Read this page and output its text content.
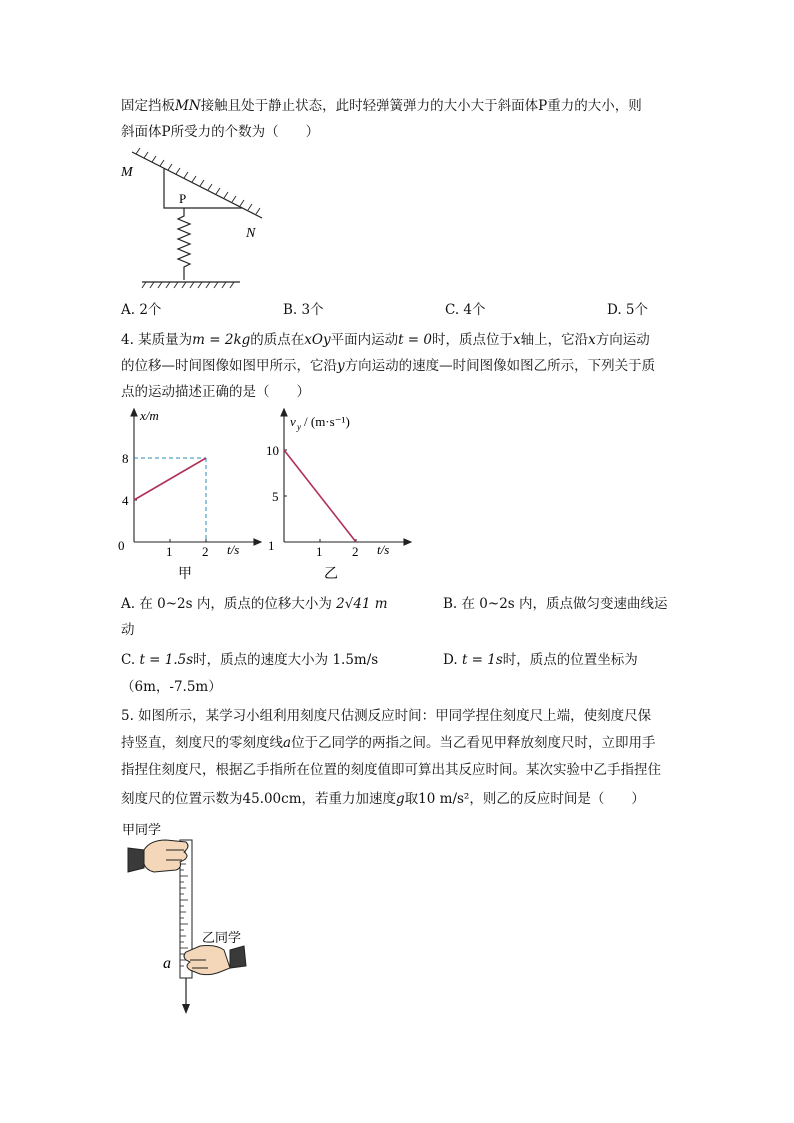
固定挡板MN接触且处于静止状态，此时轻弹簧弹力的大小大于斜面体P重力的大小，则
斜面体P所受力的个数为（　　）
M
N
P
A. 2个	B. 3个	C. 4个	D. 5个
4. 某质量为m = 2kg的质点在xOy平面内运动t = 0时，质点位于x轴上，它沿x方向运动
的位移—时间图像如图甲所示，它沿y方向运动的速度—时间图像如图乙所示，下列关于质
点的运动描述正确的是（　　）
1 2
0
4
8
x/m
t/s
甲
1 2
1
5
10
v y / (m·s⁻¹)
t/s
乙
A. 在 0~2s 内，质点的位移大小为 2√41 m	B. 在 0~2s 内，质点做匀变速曲线运
动
C. t = 1.5s时，质点的速度大小为 1.5m/s	D. t = 1s时，质点的位置坐标为
（6m，-7.5m）
5. 如图所示，某学习小组利用刻度尺估测反应时间：甲同学捏住刻度尺上端，使刻度尺保
持竖直，刻度尺的零刻度线a位于乙同学的两指之间。当乙看见甲释放刻度尺时，立即用手
指捏住刻度尺，根据乙手指所在位置的刻度值即可算出其反应时间。某次实验中乙手指捏住
刻度尺的位置示数为45.00cm，若重力加速度g取10 m/s²，则乙的反应时间是（　　）
甲同学
乙同学
a
